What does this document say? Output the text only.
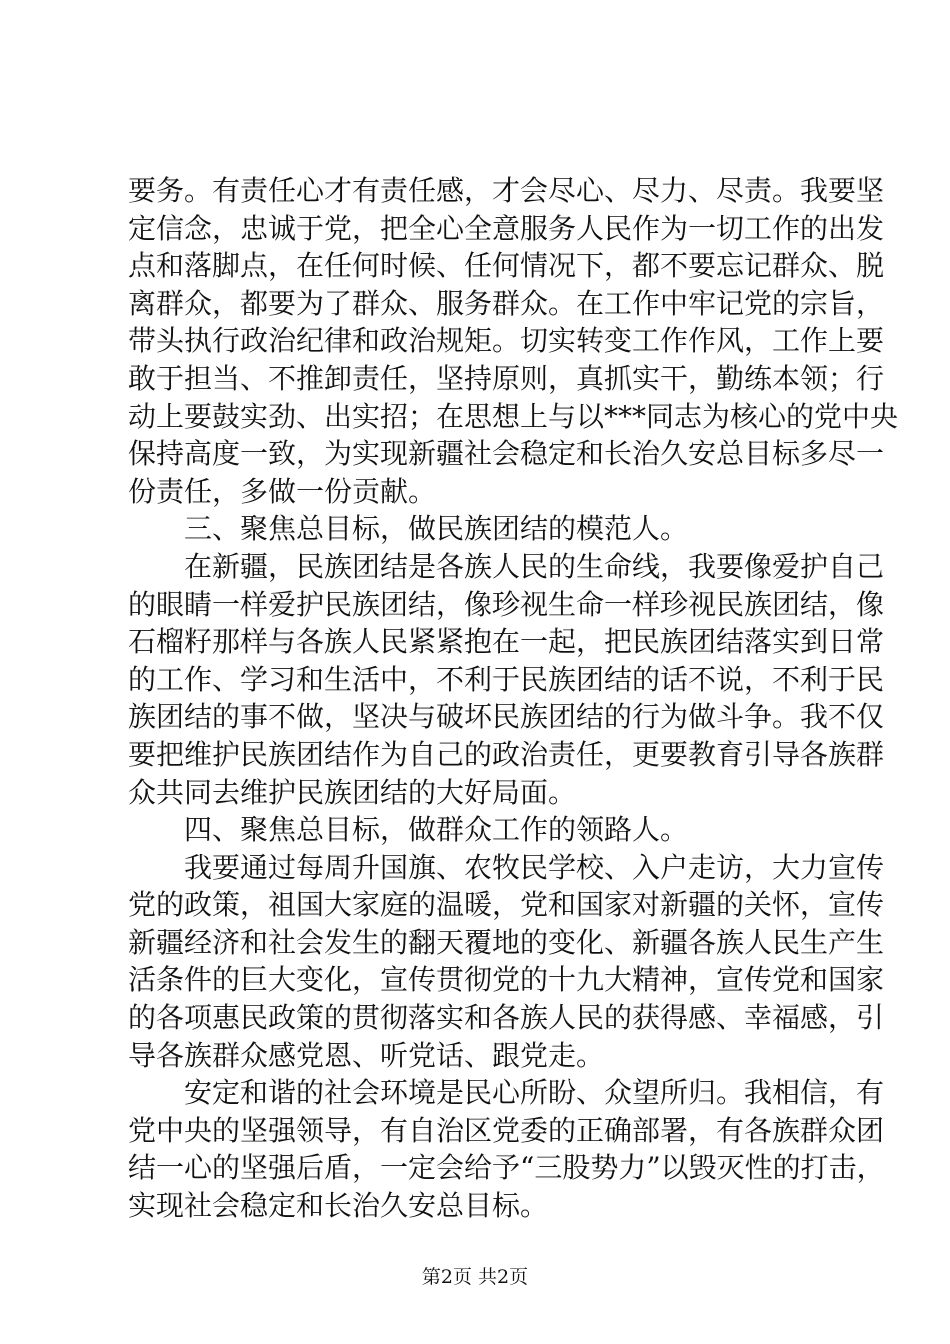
要务。有责任心才有责任感，才会尽心、尽力、尽责。我要坚
定信念，忠诚于党，把全心全意服务人民作为一切工作的出发
点和落脚点，在任何时候、任何情况下，都不要忘记群众、脱
离群众，都要为了群众、服务群众。在工作中牢记党的宗旨，
带头执行政治纪律和政治规矩。切实转变工作作风，工作上要
敢于担当、不推卸责任，坚持原则，真抓实干，勤练本领；行
动上要鼓实劲、出实招；在思想上与以***同志为核心的党中央
保持高度一致，为实现新疆社会稳定和长治久安总目标多尽一
份责任，多做一份贡献。
三、聚焦总目标，做民族团结的模范人。
在新疆，民族团结是各族人民的生命线，我要像爱护自己
的眼睛一样爱护民族团结，像珍视生命一样珍视民族团结，像
石榴籽那样与各族人民紧紧抱在一起，把民族团结落实到日常
的工作、学习和生活中，不利于民族团结的话不说，不利于民
族团结的事不做，坚决与破坏民族团结的行为做斗争。我不仅
要把维护民族团结作为自己的政治责任，更要教育引导各族群
众共同去维护民族团结的大好局面。
四、聚焦总目标，做群众工作的领路人。
我要通过每周升国旗、农牧民学校、入户走访，大力宣传
党的政策，祖国大家庭的温暖，党和国家对新疆的关怀，宣传
新疆经济和社会发生的翻天覆地的变化、新疆各族人民生产生
活条件的巨大变化，宣传贯彻党的十九大精神，宣传党和国家
的各项惠民政策的贯彻落实和各族人民的获得感、幸福感，引
导各族群众感党恩、听党话、跟党走。
安定和谐的社会环境是民心所盼、众望所归。我相信，有
党中央的坚强领导，有自治区党委的正确部署，有各族群众团
结一心的坚强后盾，一定会给予“三股势力”以毁灭性的打击，
实现社会稳定和长治久安总目标。
第2页 共2页
